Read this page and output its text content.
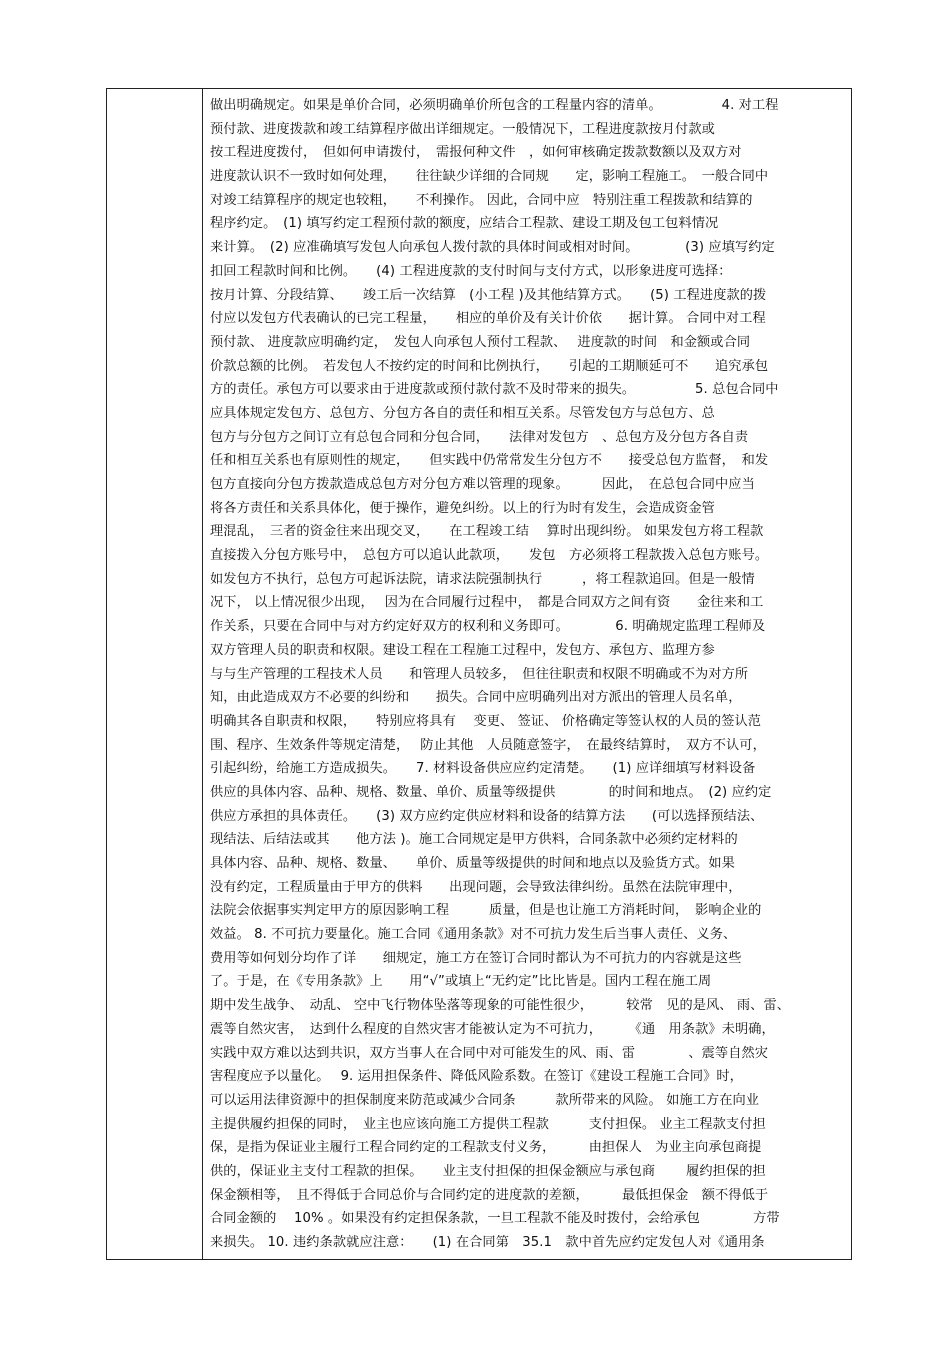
做出明确规定。如果是单价合同，必须明确单价所包含的工程量内容的清单。　　　　　4. 对工程
预付款、进度拨款和竣工结算程序做出详细规定。一般情况下，工程进度款按月付款或
按工程进度拨付，　但如何申请拨付，　需报何种文件　，如何审核确定拨款数额以及双方对
进度款认识不一致时如何处理，　　往往缺少详细的合同规　　定，影响工程施工。　一般合同中
对竣工结算程序的规定也较粗，　　不利操作。 因此，合同中应　特别注重工程拨款和结算的
程序约定。　(1) 填写约定工程预付款的额度，应结合工程款、建设工期及包工包料情况
来计算。　(2) 应准确填写发包人向承包人拨付款的具体时间或相对时间。　　　　(3) 应填写约定
扣回工程款时间和比例。　　(4) 工程进度款的支付时间与支付方式，以形象进度可选择：
按月计算、分段结算、　　竣工后一次结算　(小工程 )及其他结算方式。　　(5) 工程进度款的拨
付应以发包方代表确认的已完工程量，　　相应的单价及有关计价依　　据计算。 合同中对工程
预付款、 进度款应明确约定，　发包人向承包人预付工程款、　 进度款的时间　和金额或合同
价款总额的比例。　若发包人不按约定的时间和比例执行，　　引起的工期顺延可不　　追究承包
方的责任。承包方可以要求由于进度款或预付款付款不及时带来的损失。　　　　　5. 总包合同中
应具体规定发包方、总包方、分包方各自的责任和相互关系。尽管发包方与总包方、总
包方与分包方之间订立有总包合同和分包合同，　　法律对发包方　、总包方及分包方各自责
任和相互关系也有原则性的规定，　　但实践中仍常常发生分包方不　　接受总包方监督，　和发
包方直接向分包方拨款造成总包方对分包方难以管理的现象。　　　因此，　在总包合同中应当
将各方责任和关系具体化，便于操作，避免纠纷。以上的行为时有发生，会造成资金管
理混乱，　三者的资金往来出现交叉，　　在工程竣工结　 算时出现纠纷。 如果发包方将工程款
直接拨入分包方账号中，　总包方可以追认此款项，　　发包　方必须将工程款拨入总包方账号。
如发包方不执行，总包方可起诉法院，请求法院强制执行　　　，将工程款追回。但是一般情
况下， 以上情况很少出现，　 因为在合同履行过程中，　都是合同双方之间有资　　金往来和工
作关系，只要在合同中与对方约定好双方的权利和义务即可。　　　　6. 明确规定监理工程师及
双方管理人员的职责和权限。建设工程在工程施工过程中，发包方、承包方、监理方参
与与生产管理的工程技术人员　　和管理人员较多，　但往往职责和权限不明确或不为对方所
知，由此造成双方不必要的纠纷和　　损失。合同中应明确列出对方派出的管理人员名单，
明确其各自职责和权限，　　特别应将具有　 变更、 签证、 价格确定等签认权的人员的签认范
围、程序、生效条件等规定清楚，　 防止其他　人员随意签字，　在最终结算时，　双方不认可，
引起纠纷，给施工方造成损失。　　7. 材料设备供应应约定清楚。　　(1) 应详细填写材料设备
供应的具体内容、品种、规格、数量、单价、质量等级提供　　　　的时间和地点。　(2) 应约定
供应方承担的具体责任。　　(3) 双方应约定供应材料和设备的结算方法　　(可以选择预结法、
现结法、后结法或其　　他方法 )。施工合同规定是甲方供料，合同条款中必须约定材料的
具体内容、品种、规格、数量、　　单价、质量等级提供的时间和地点以及验货方式。如果
没有约定，工程质量由于甲方的供料　　出现问题，会导致法律纠纷。虽然在法院审理中，
法院会依据事实判定甲方的原因影响工程　　　质量，但是也让施工方消耗时间，　影响企业的
效益。 8. 不可抗力要量化。施工合同《通用条款》对不可抗力发生后当事人责任、义务、
费用等如何划分均作了详　　细规定，施工方在签订合同时都认为不可抗力的内容就是这些
了。于是，在《专用条款》上　　用“√”或填上“无约定”比比皆是。国内工程在施工周
期中发生战争、　动乱、 空中飞行物体坠落等现象的可能性很少，　　　较常　见的是风、 雨、雷、
震等自然灾害，　达到什么程度的自然灾害才能被认定为不可抗力，　　　《通　用条款》未明确，
实践中双方难以达到共识，双方当事人在合同中对可能发生的风、雨、雷　　　　、震等自然灾
害程度应予以量化。　 9. 运用担保条件、降低风险系数。在签订《建设工程施工合同》时，
可以运用法律资源中的担保制度来防范或减少合同条　　　款所带来的风险。 如施工方在向业
主提供履约担保的同时，　业主也应该向施工方提供工程款　　　支付担保。 业主工程款支付担
保，是指为保证业主履行工程合同约定的工程款支付义务，　　　由担保人　为业主向承包商提
供的，保证业主支付工程款的担保。　　业主支付担保的担保金额应与承包商　　 履约担保的担
保金额相等，　且不得低于合同总价与合同约定的进度款的差额，　　　最低担保金　额不得低于
合同金额的　 10% 。如果没有约定担保条款，一旦工程款不能及时拨付，会给承包　　　　方带
来损失。 10. 违约条款就应注意：　　(1) 在合同第　35.1　款中首先应约定发包人对《通用条
